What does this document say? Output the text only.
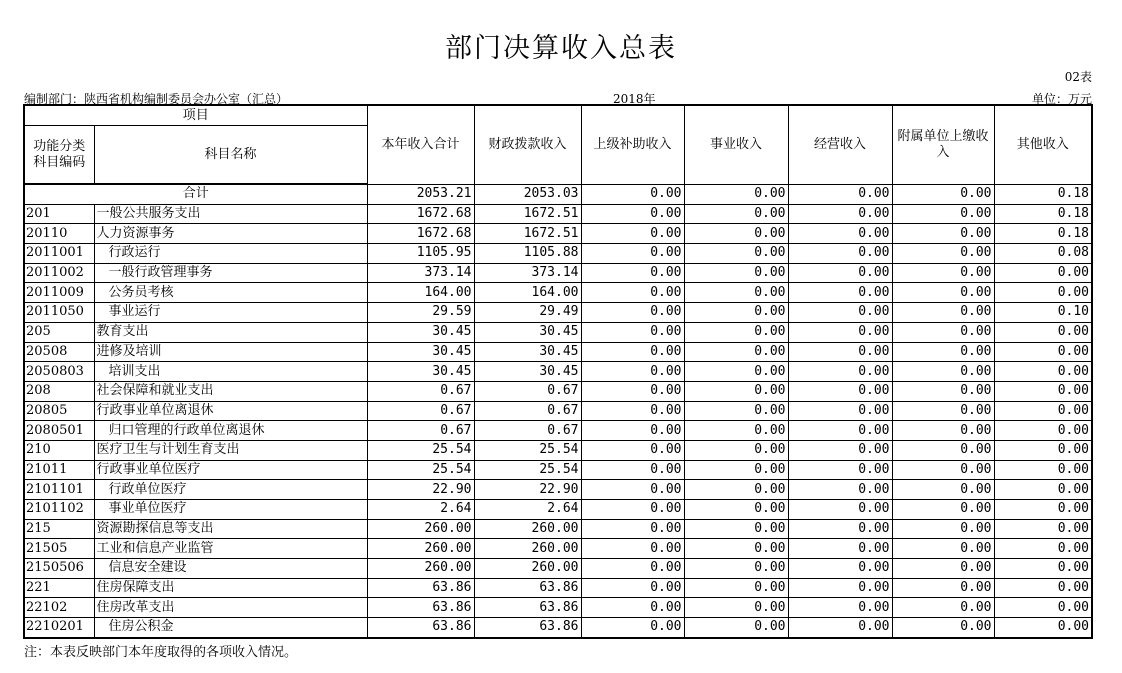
部门决算收入总表
02表
编制部门：陕西省机构编制委员会办公室（汇总）	2018年	单位：万元
项目		本年收入合计	财政拨款收入	上级补助收入	事业收入	经营收入	附属单位上缴收入	其他收入
功能分类
科目编码	科目名称							
合计		2053.21	2053.03	0.00	0.00	0.00	0.00	0.18
201	一般公共服务支出	1672.68	1672.51	0.00	0.00	0.00	0.00	0.18
20110	人力资源事务	1672.68	1672.51	0.00	0.00	0.00	0.00	0.18
2011001	行政运行	1105.95	1105.88	0.00	0.00	0.00	0.00	0.08
2011002	一般行政管理事务	373.14	373.14	0.00	0.00	0.00	0.00	0.00
2011009	公务员考核	164.00	164.00	0.00	0.00	0.00	0.00	0.00
2011050	事业运行	29.59	29.49	0.00	0.00	0.00	0.00	0.10
205	教育支出	30.45	30.45	0.00	0.00	0.00	0.00	0.00
20508	进修及培训	30.45	30.45	0.00	0.00	0.00	0.00	0.00
2050803	培训支出	30.45	30.45	0.00	0.00	0.00	0.00	0.00
208	社会保障和就业支出	0.67	0.67	0.00	0.00	0.00	0.00	0.00
20805	行政事业单位离退休	0.67	0.67	0.00	0.00	0.00	0.00	0.00
2080501	归口管理的行政单位离退休	0.67	0.67	0.00	0.00	0.00	0.00	0.00
210	医疗卫生与计划生育支出	25.54	25.54	0.00	0.00	0.00	0.00	0.00
21011	行政事业单位医疗	25.54	25.54	0.00	0.00	0.00	0.00	0.00
2101101	行政单位医疗	22.90	22.90	0.00	0.00	0.00	0.00	0.00
2101102	事业单位医疗	2.64	2.64	0.00	0.00	0.00	0.00	0.00
215	资源勘探信息等支出	260.00	260.00	0.00	0.00	0.00	0.00	0.00
21505	工业和信息产业监管	260.00	260.00	0.00	0.00	0.00	0.00	0.00
2150506	信息安全建设	260.00	260.00	0.00	0.00	0.00	0.00	0.00
221	住房保障支出	63.86	63.86	0.00	0.00	0.00	0.00	0.00
22102	住房改革支出	63.86	63.86	0.00	0.00	0.00	0.00	0.00
2210201	住房公积金	63.86	63.86	0.00	0.00	0.00	0.00	0.00
注：本表反映部门本年度取得的各项收入情况。
